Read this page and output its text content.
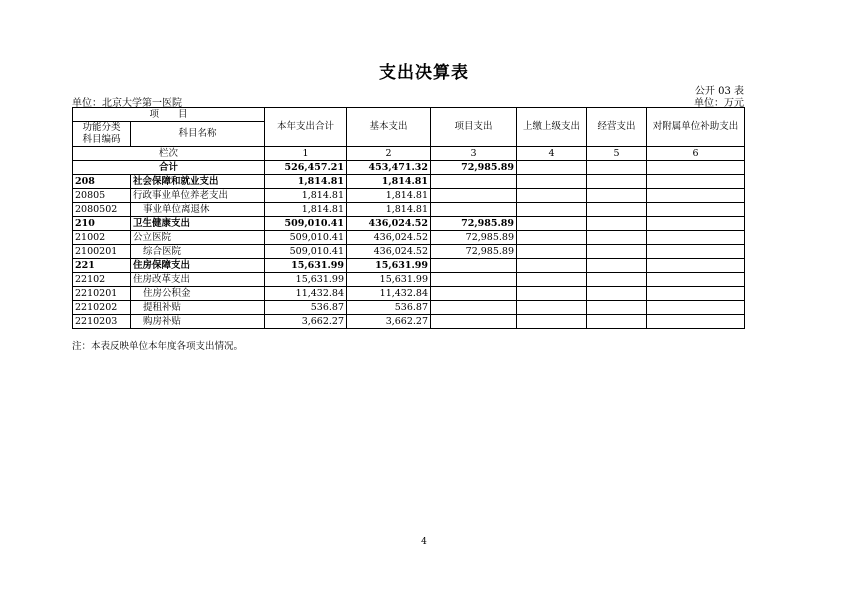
支出决算表
公开 03 表
单位：北京大学第一医院	单位：万元
项　　目		本年支出合计	基本支出	项目支出	上缴上级支出	经营支出	对附属单位补助支出
功能分类
科目编码	科目名称						
栏次		1	2	3	4	5	6
合计		526,457.21	453,471.32	72,985.89			
208	社会保障和就业支出	1,814.81	1,814.81				
20805	行政事业单位养老支出	1,814.81	1,814.81				
2080502	事业单位离退休	1,814.81	1,814.81				
210	卫生健康支出	509,010.41	436,024.52	72,985.89			
21002	公立医院	509,010.41	436,024.52	72,985.89			
2100201	综合医院	509,010.41	436,024.52	72,985.89			
221	住房保障支出	15,631.99	15,631.99				
22102	住房改革支出	15,631.99	15,631.99				
2210201	住房公积金	11,432.84	11,432.84				
2210202	提租补贴	536.87	536.87				
2210203	购房补贴	3,662.27	3,662.27				
注：本表反映单位本年度各项支出情况。
4
